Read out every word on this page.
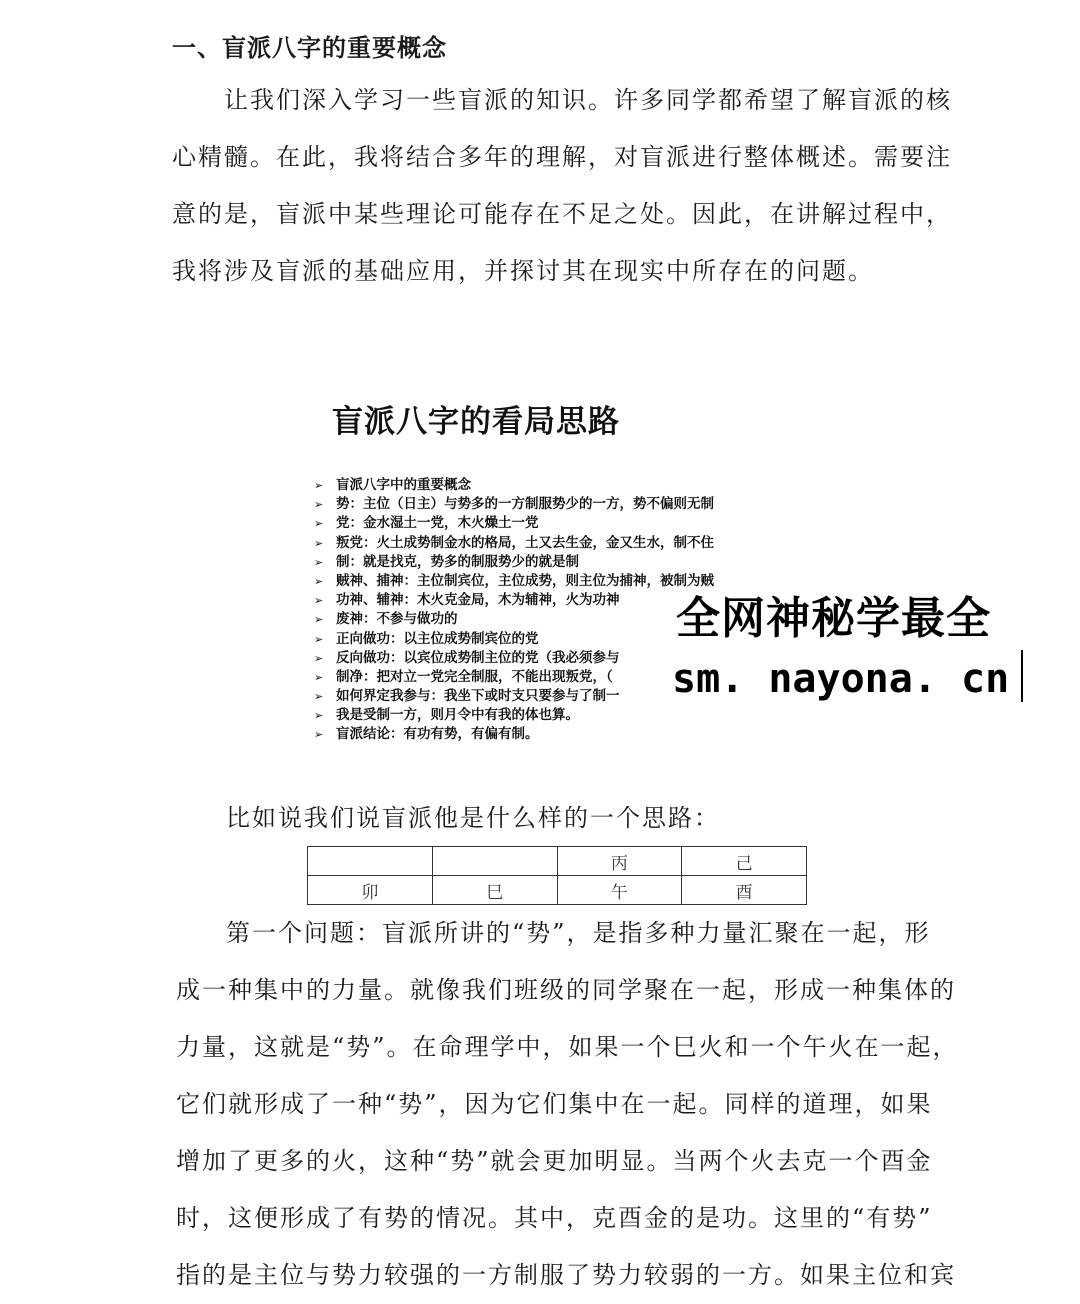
一、盲派八字的重要概念
让我们深入学习一些盲派的知识。许多同学都希望了解盲派的核
心精髓。在此，我将结合多年的理解，对盲派进行整体概述。需要注
意的是，盲派中某些理论可能存在不足之处。因此，在讲解过程中，
我将涉及盲派的基础应用，并探讨其在现实中所存在的问题。
盲派八字的看局思路
➢ 盲派八字中的重要概念
➢ 势：主位（日主）与势多的一方制服势少的一方，势不偏则无制
➢ 党：金水湿土一党，木火燥土一党
➢ 叛党：火土成势制金水的格局，土又去生金，金又生水，制不住
➢ 制：就是找克，势多的制服势少的就是制
➢ 贼神、捕神：主位制宾位，主位成势，则主位为捕神，被制为贼
➢ 功神、辅神：木火克金局，木为辅神，火为功神
➢ 废神：不参与做功的
➢ 正向做功：以主位成势制宾位的党
➢ 反向做功：以宾位成势制主位的党（我必须参与
➢ 制净：把对立一党完全制服，不能出现叛党，（
➢ 如何界定我参与：我坐下或时支只要参与了制一
➢ 我是受制一方，则月令中有我的体也算。
➢ 盲派结论：有功有势，有偏有制。
全网神秘学最全
sm. nayona. cn
比如说我们说盲派他是什么样的一个思路：
		丙	己
卯	巳	午	酉
第一个问题：盲派所讲的“势”，是指多种力量汇聚在一起，形
成一种集中的力量。就像我们班级的同学聚在一起，形成一种集体的
力量，这就是“势”。在命理学中，如果一个巳火和一个午火在一起，
它们就形成了一种“势”，因为它们集中在一起。同样的道理，如果
增加了更多的火，这种“势”就会更加明显。当两个火去克一个酉金
时，这便形成了有势的情况。其中，克酉金的是功。这里的“有势”
指的是主位与势力较强的一方制服了势力较弱的一方。如果主位和宾
